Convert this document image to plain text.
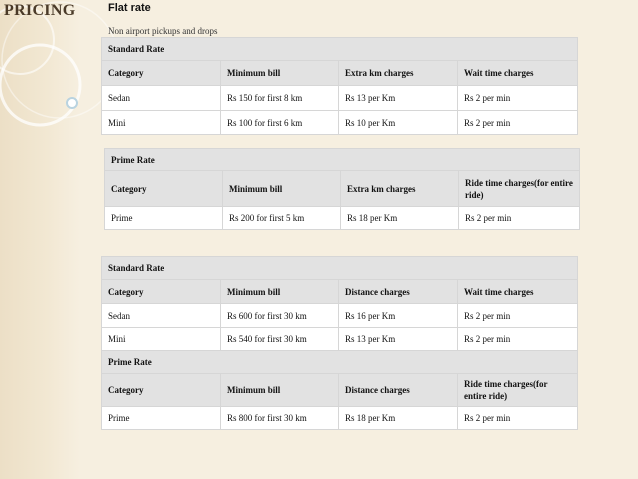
PRICING	Flat rate
Non airport pickups and drops
Standard Rate			
Category	Minimum bill	Extra km charges	Wait time charges
Sedan	Rs 150 for first 8 km	Rs 13 per Km	Rs 2 per min
Mini	Rs 100 for first 6 km	Rs 10 per Km	Rs 2 per min
Prime Rate			
Category	Minimum bill	Extra km charges	Ride time charges(for entire ride)
Prime	Rs 200 for first 5 km	Rs 18 per Km	Rs 2 per min
Standard Rate			
Category	Minimum bill	Distance charges	Wait time charges
Sedan	Rs 600 for first 30 km	Rs 16 per Km	Rs 2 per min
Mini	Rs 540 for first 30 km	Rs 13 per Km	Rs 2 per min
Prime Rate			
Category	Minimum bill	Distance charges	Ride time charges(for entire ride)
Prime	Rs 800 for first 30 km	Rs 18 per Km	Rs 2 per min
